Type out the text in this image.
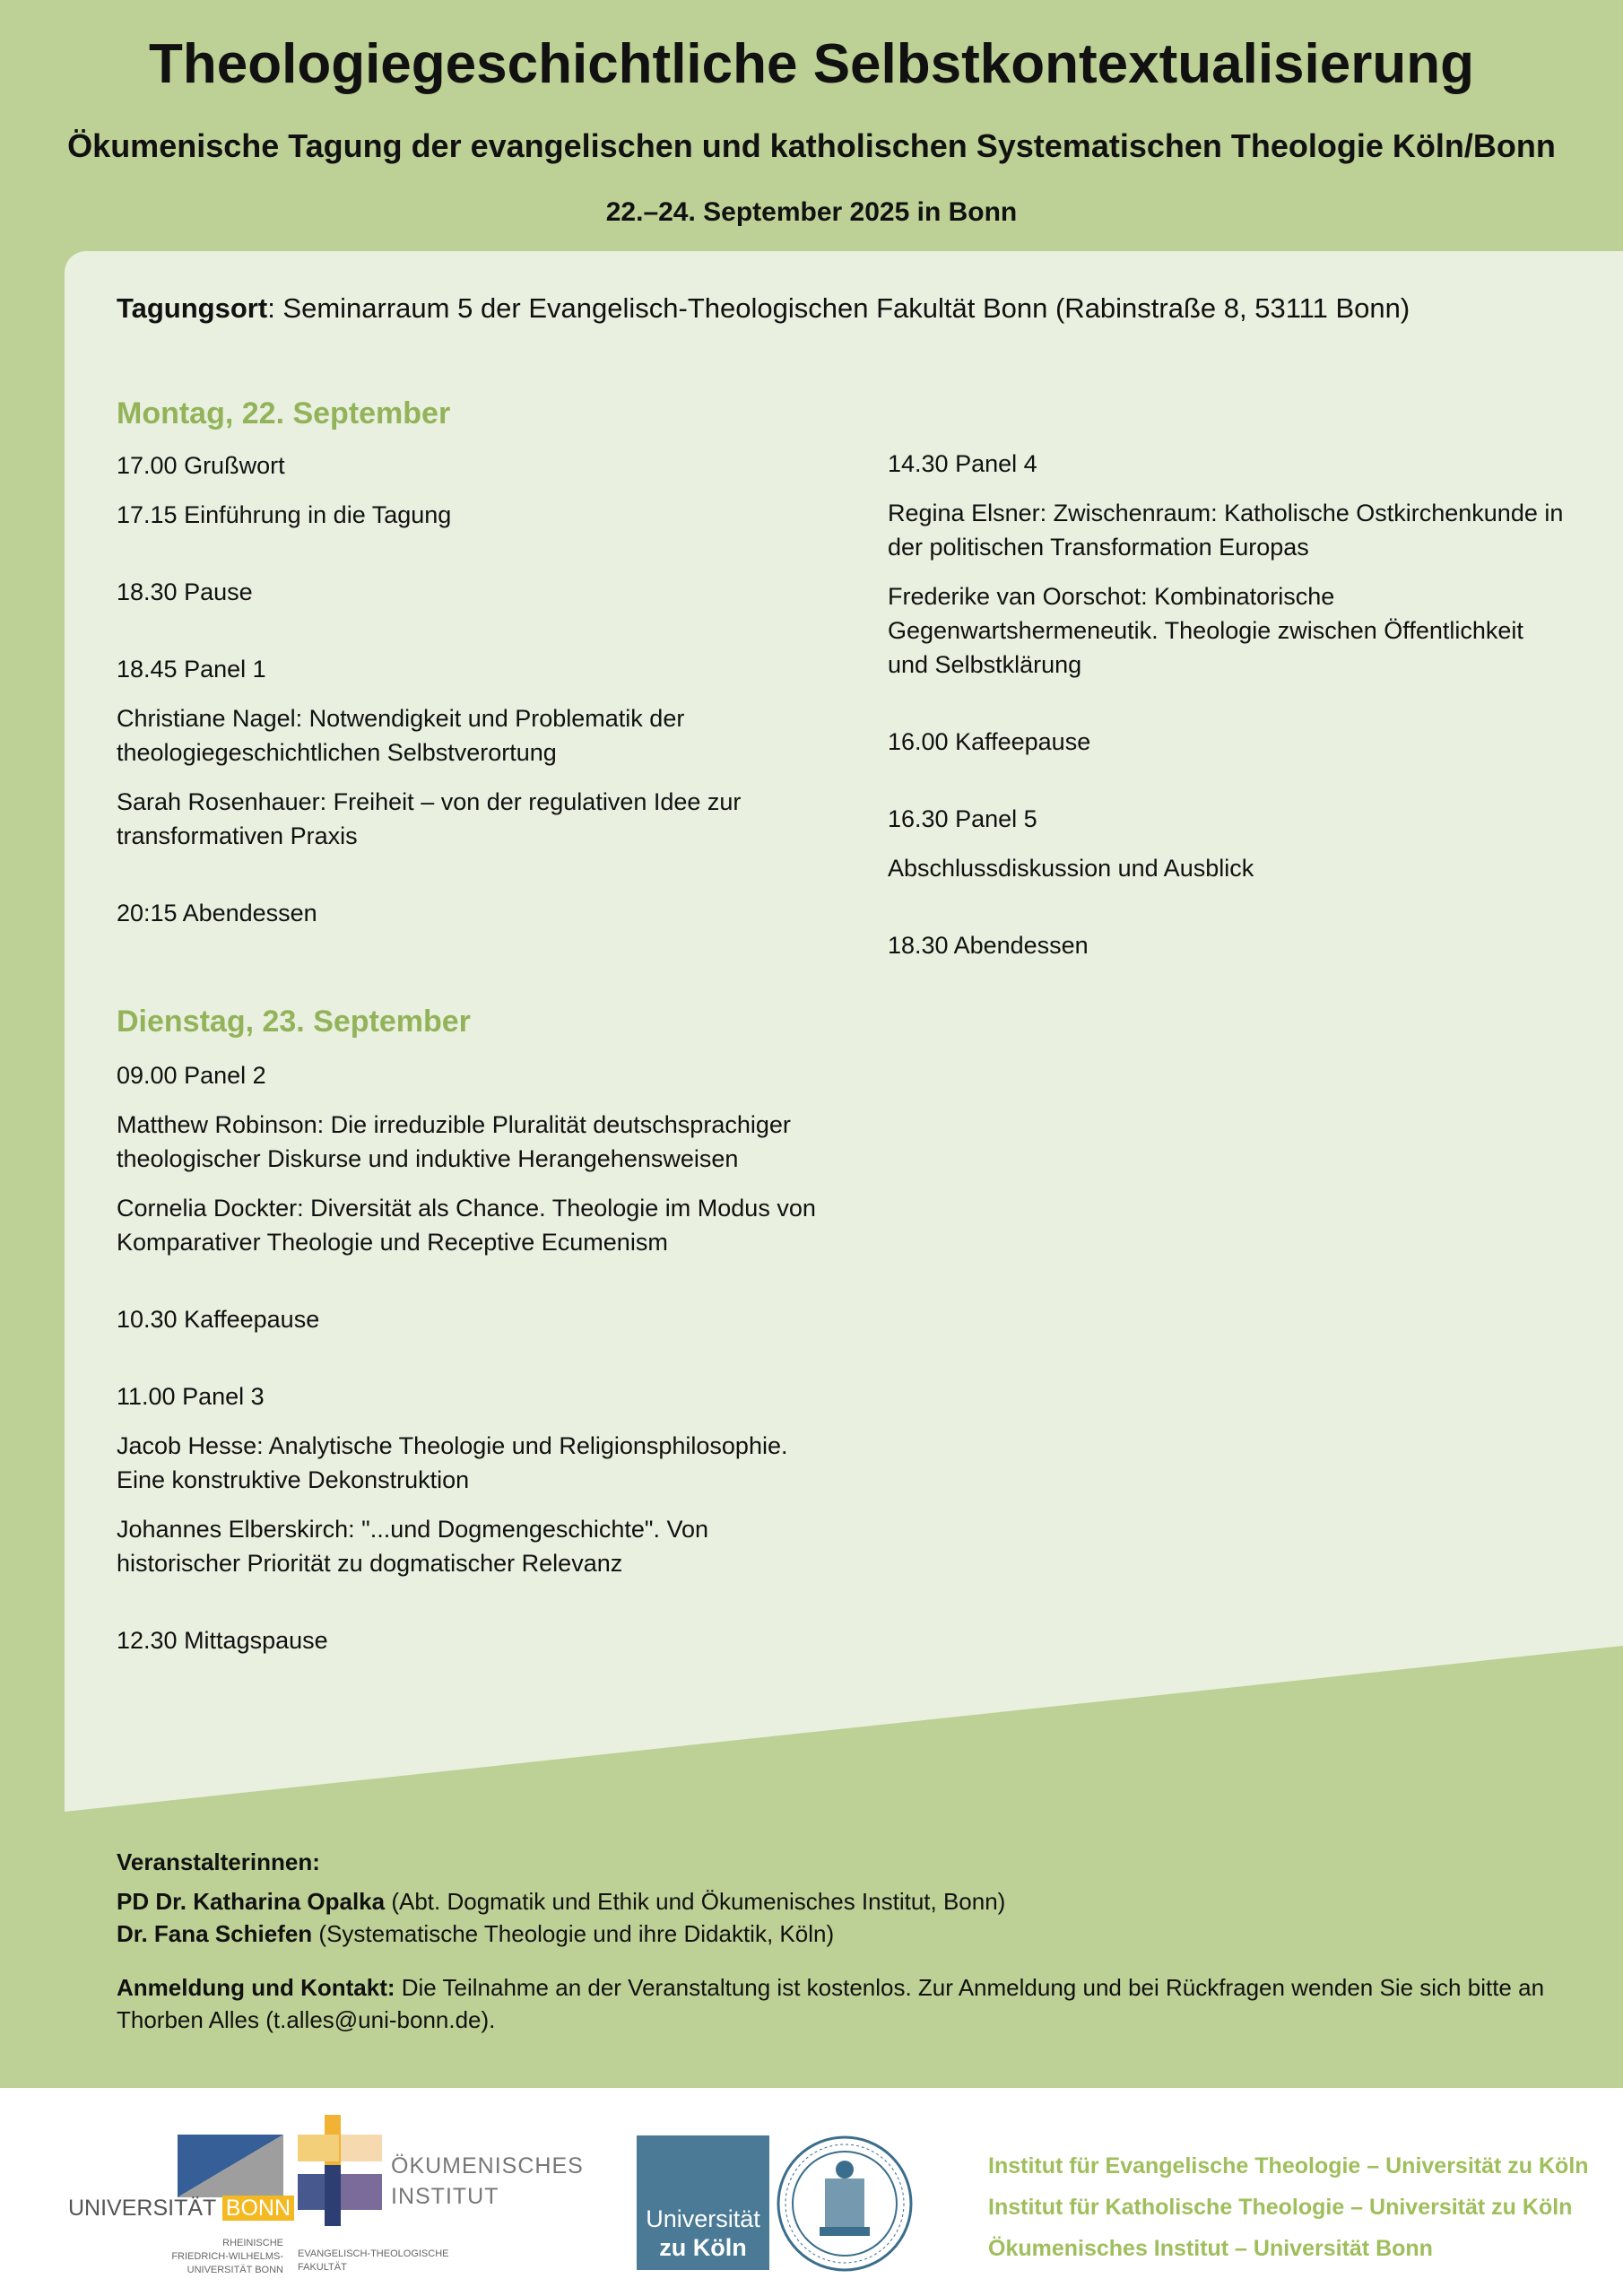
Theologiegeschichtliche Selbstkontextualisierung
Ökumenische Tagung der evangelischen und katholischen Systematischen Theologie Köln/Bonn
22.–24. September 2025 in Bonn
Tagungsort: Seminarraum 5 der Evangelisch-Theologischen Fakultät Bonn (Rabinstraße 8, 53111 Bonn)
Montag, 22. September
17.00 Grußwort
17.15 Einführung in die Tagung
18.30 Pause
18.45 Panel 1
Christiane Nagel: Notwendigkeit und Problematik der theologiegeschichtlichen Selbstverortung
Sarah Rosenhauer: Freiheit – von der regulativen Idee zur transformativen Praxis
20:15 Abendessen
Dienstag, 23. September
09.00 Panel 2
Matthew Robinson: Die irreduzible Pluralität deutschsprachiger theologischer Diskurse und induktive Herangehensweisen
Cornelia Dockter: Diversität als Chance. Theologie im Modus von Komparativer Theologie und Receptive Ecumenism
10.30 Kaffeepause
11.00 Panel 3
Jacob Hesse: Analytische Theologie und Religionsphilosophie. Eine konstruktive Dekonstruktion
Johannes Elberskirch: "...und Dogmengeschichte". Von historischer Priorität zu dogmatischer Relevanz
12.30 Mittagspause
14.30 Panel 4
Regina Elsner: Zwischenraum: Katholische Ostkirchenkunde in der politischen Transformation Europas
Frederike van Oorschot: Kombinatorische Gegenwartshermeneutik. Theologie zwischen Öffentlichkeit und Selbstklärung
16.00 Kaffeepause
16.30 Panel 5
Abschlussdiskussion und Ausblick
18.30 Abendessen

Veranstalterinnen:

PD Dr. Katharina Opalka (Abt. Dogmatik und Ethik und Ökumenisches Institut, Bonn)

Dr. Fana Schiefen (Systematische Theologie und ihre Didaktik, Köln)

Anmeldung und Kontakt: Die Teilnahme an der Veranstaltung ist kostenlos. Zur Anmeldung und bei Rückfragen wenden Sie sich bitte an Thorben Alles (t.alles@uni-bonn.de).

UNIVERSITÄT BONN
RHEINISCHE
FRIEDRICH-WILHELMS-
UNIVERSITÄT BONN
ÖKUMENISCHES
INSTITUT
EVANGELISCH-THEOLOGISCHE
FAKULTÄT
Universität
zu Köln
Institut für Evangelische Theologie – Universität zu Köln
Institut für Katholische Theologie – Universität zu Köln
Ökumenisches Institut – Universität Bonn
